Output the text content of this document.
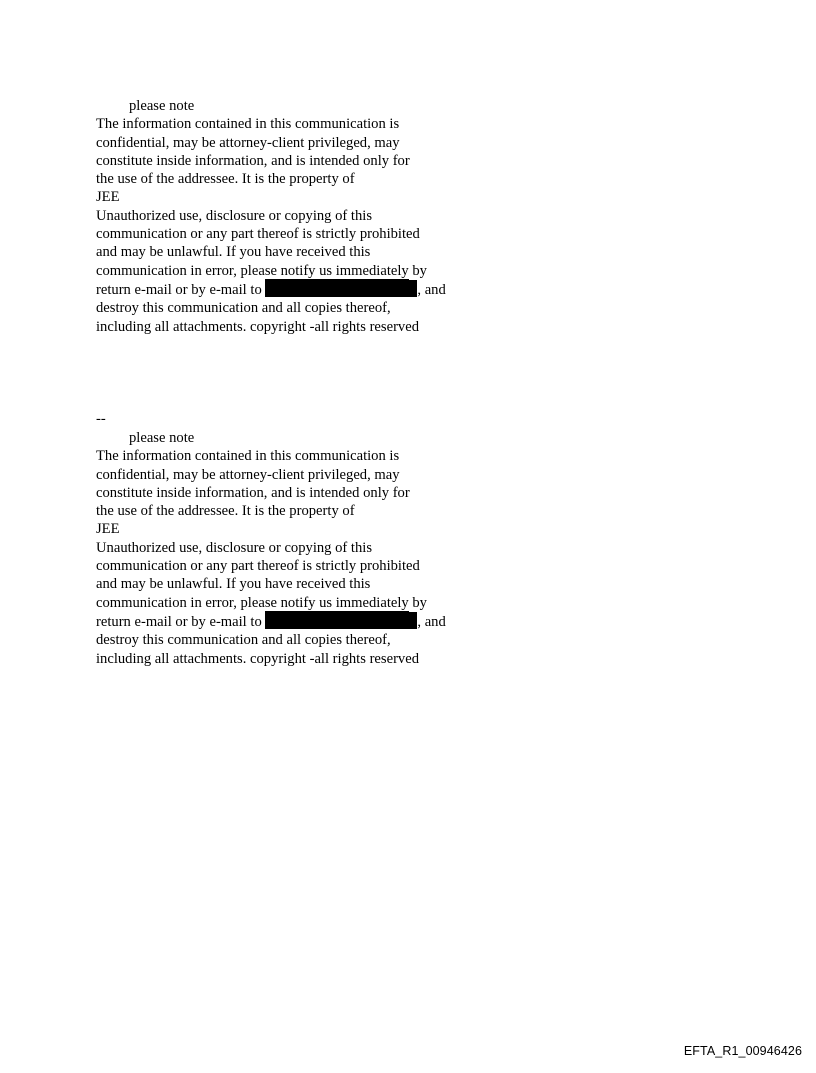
please note
The information contained in this communication is
confidential, may be attorney-client privileged, may
constitute inside information, and is intended only for
the use of the addressee. It is the property of
JEE
Unauthorized use, disclosure or copying of this
communication or any part thereof is strictly prohibited
and may be unlawful. If you have received this
communication in error, please notify us immediately by
return e-mail or by e-mail to	, and
destroy this communication and all copies thereof,
including all attachments. copyright -all rights reserved
--
please note
The information contained in this communication is
confidential, may be attorney-client privileged, may
constitute inside information, and is intended only for
the use of the addressee. It is the property of
JEE
Unauthorized use, disclosure or copying of this
communication or any part thereof is strictly prohibited
and may be unlawful. If you have received this
communication in error, please notify us immediately by
return e-mail or by e-mail to	, and
destroy this communication and all copies thereof,
including all attachments. copyright -all rights reserved
EFTA_R1_00946426
